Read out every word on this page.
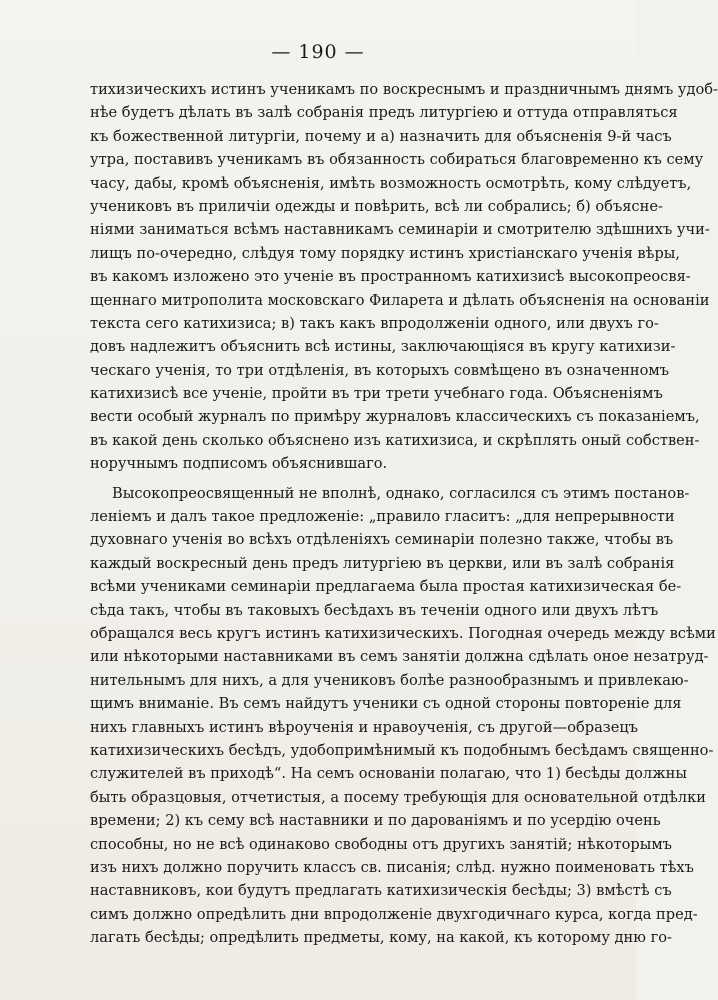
— 190 —
тихизическихъ истинъ ученикамъ по воскреснымъ и праздничнымъ днямъ удоб-
нѣе будетъ дѣлать въ залѣ собранія предъ литургіею и оттуда отправляться
къ божественной литургіи, почему и а) назначить для объясненія 9-й часъ
утра, поставивъ ученикамъ въ обязанность собираться благовременно къ сему
часу, дабы, кромѣ объясненія, имѣть возможность осмотрѣть, кому слѣдуетъ,
учениковъ въ приличіи одежды и повѣрить, всѣ ли собрались; б) объясне-
ніями заниматься всѣмъ наставникамъ семинаріи и смотрителю здѣшнихъ учи-
лищъ по-очередно, слѣдуя тому порядку истинъ христіанскаго ученія вѣры,
въ какомъ изложено это ученіе въ пространномъ катихизисѣ высокопреосвя-
щеннаго митрополита московскаго Филарета и дѣлать объясненія на основаніи
текста сего катихизиса; в) такъ какъ впродолженіи одного, или двухъ го-
довъ надлежитъ объяснить всѣ истины, заключающіяся въ кругу катихизи-
ческаго ученія, то три отдѣленія, въ которыхъ совмѣщено въ означенномъ
катихизисѣ все ученіе, пройти въ три трети учебнаго года. Объясненіямъ
вести особый журналъ по примѣру журналовъ классическихъ съ показаніемъ,
въ какой день сколько объяснено изъ катихизиса, и скрѣплять оный собствен-
норучнымъ подписомъ объяснившаго.
Высокопреосвященный не вполнѣ, однако, согласился съ этимъ постанов-
леніемъ и далъ такое предложеніе: „правило гласитъ: „для непрерывности
духовнаго ученія во всѣхъ отдѣленіяхъ семинаріи полезно также, чтобы въ
каждый воскресный день предъ литургіею въ церкви, или въ залѣ собранія
всѣми учениками семинаріи предлагаема была простая катихизическая бе-
сѣда такъ, чтобы въ таковыхъ бесѣдахъ въ теченіи одного или двухъ лѣтъ
обращался весь кругъ истинъ катихизическихъ. Погодная очередь между всѣми
или нѣкоторыми наставниками въ семъ занятіи должна сдѣлать оное незатруд-
нительнымъ для нихъ, а для учениковъ болѣе разнообразнымъ и привлекаю-
щимъ вниманіе. Въ семъ найдутъ ученики съ одной стороны повтореніе для
нихъ главныхъ истинъ вѣроученія и нравоученія, съ другой—образецъ
катихизическихъ бесѣдъ, удобопримѣнимый къ подобнымъ бесѣдамъ священно-
служителей въ приходѣ“. На семъ основаніи полагаю, что 1) бесѣды должны
быть образцовыя, отчетистыя, а посему требующія для основательной отдѣлки
времени; 2) къ сему всѣ наставники и по дарованіямъ и по усердію очень
способны, но не всѣ одинаково свободны отъ другихъ занятій; нѣкоторымъ
изъ нихъ должно поручить классъ св. писанія; слѣд. нужно поименовать тѣхъ
наставниковъ, кои будутъ предлагать катихизическія бесѣды; 3) вмѣстѣ съ
симъ должно опредѣлить дни впродолженіе двухгодичнаго курса, когда пред-
лагать бесѣды; опредѣлить предметы, кому, на какой, къ которому дню го-
